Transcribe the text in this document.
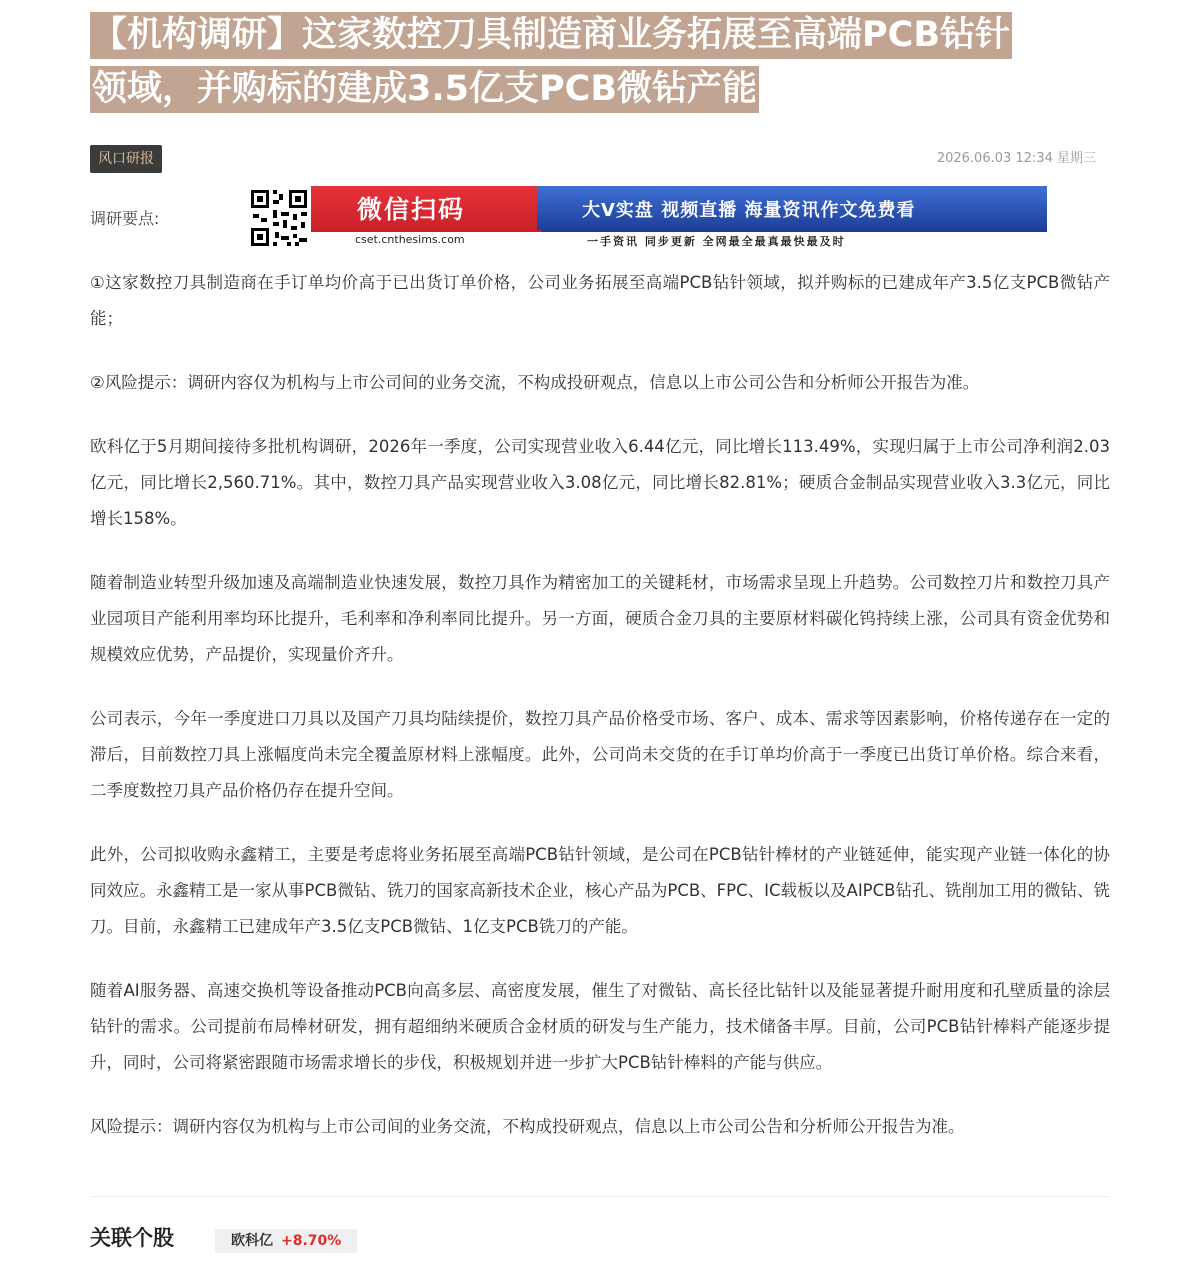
【机构调研】这家数控刀具制造商业务拓展至高端PCB钻针
领域，并购标的建成3.5亿支PCB微钻产能
风口研报	2026.06.03 12:34 星期三
调研要点:	微信扫码	大V实盘 视频直播 海量资讯作文免费看
cset.cnthesims.com	一手资讯 同步更新 全网最全最真最快最及时

①这家数控刀具制造商在手订单均价高于已出货订单价格，公司业务拓展至高端PCB钻针领域，拟并购标的已建成年产3.5亿支PCB微钻产能；

②风险提示：调研内容仅为机构与上市公司间的业务交流，不构成投研观点，信息以上市公司公告和分析师公开报告为准。

欧科亿于5月期间接待多批机构调研，2026年一季度，公司实现营业收入6.44亿元，同比增长113.49%，实现归属于上市公司净利润2.03亿元，同比增长2,560.71%。其中，数控刀具产品实现营业收入3.08亿元，同比增长82.81%；硬质合金制品实现营业收入3.3亿元，同比增长158%。

随着制造业转型升级加速及高端制造业快速发展，数控刀具作为精密加工的关键耗材，市场需求呈现上升趋势。公司数控刀片和数控刀具产业园项目产能利用率均环比提升，毛利率和净利率同比提升。另一方面，硬质合金刀具的主要原材料碳化钨持续上涨，公司具有资金优势和规模效应优势，产品提价，实现量价齐升。

公司表示，今年一季度进口刀具以及国产刀具均陆续提价，数控刀具产品价格受市场、客户、成本、需求等因素影响，价格传递存在一定的滞后，目前数控刀具上涨幅度尚未完全覆盖原材料上涨幅度。此外，公司尚未交货的在手订单均价高于一季度已出货订单价格。综合来看，二季度数控刀具产品价格仍存在提升空间。

此外，公司拟收购永鑫精工，主要是考虑将业务拓展至高端PCB钻针领域，是公司在PCB钻针棒材的产业链延伸，能实现产业链一体化的协同效应。永鑫精工是一家从事PCB微钻、铣刀的国家高新技术企业，核心产品为PCB、FPC、IC载板以及AIPCB钻孔、铣削加工用的微钻、铣刀。目前，永鑫精工已建成年产3.5亿支PCB微钻、1亿支PCB铣刀的产能。

随着AI服务器、高速交换机等设备推动PCB向高多层、高密度发展，催生了对微钻、高长径比钻针以及能显著提升耐用度和孔壁质量的涂层钻针的需求。公司提前布局棒材研发，拥有超细纳米硬质合金材质的研发与生产能力，技术储备丰厚。目前，公司PCB钻针棒料产能逐步提升，同时，公司将紧密跟随市场需求增长的步伐，积极规划并进一步扩大PCB钻针棒料的产能与供应。

风险提示：调研内容仅为机构与上市公司间的业务交流，不构成投研观点，信息以上市公司公告和分析师公开报告为准。

关联个股	欧科亿 +8.70%
